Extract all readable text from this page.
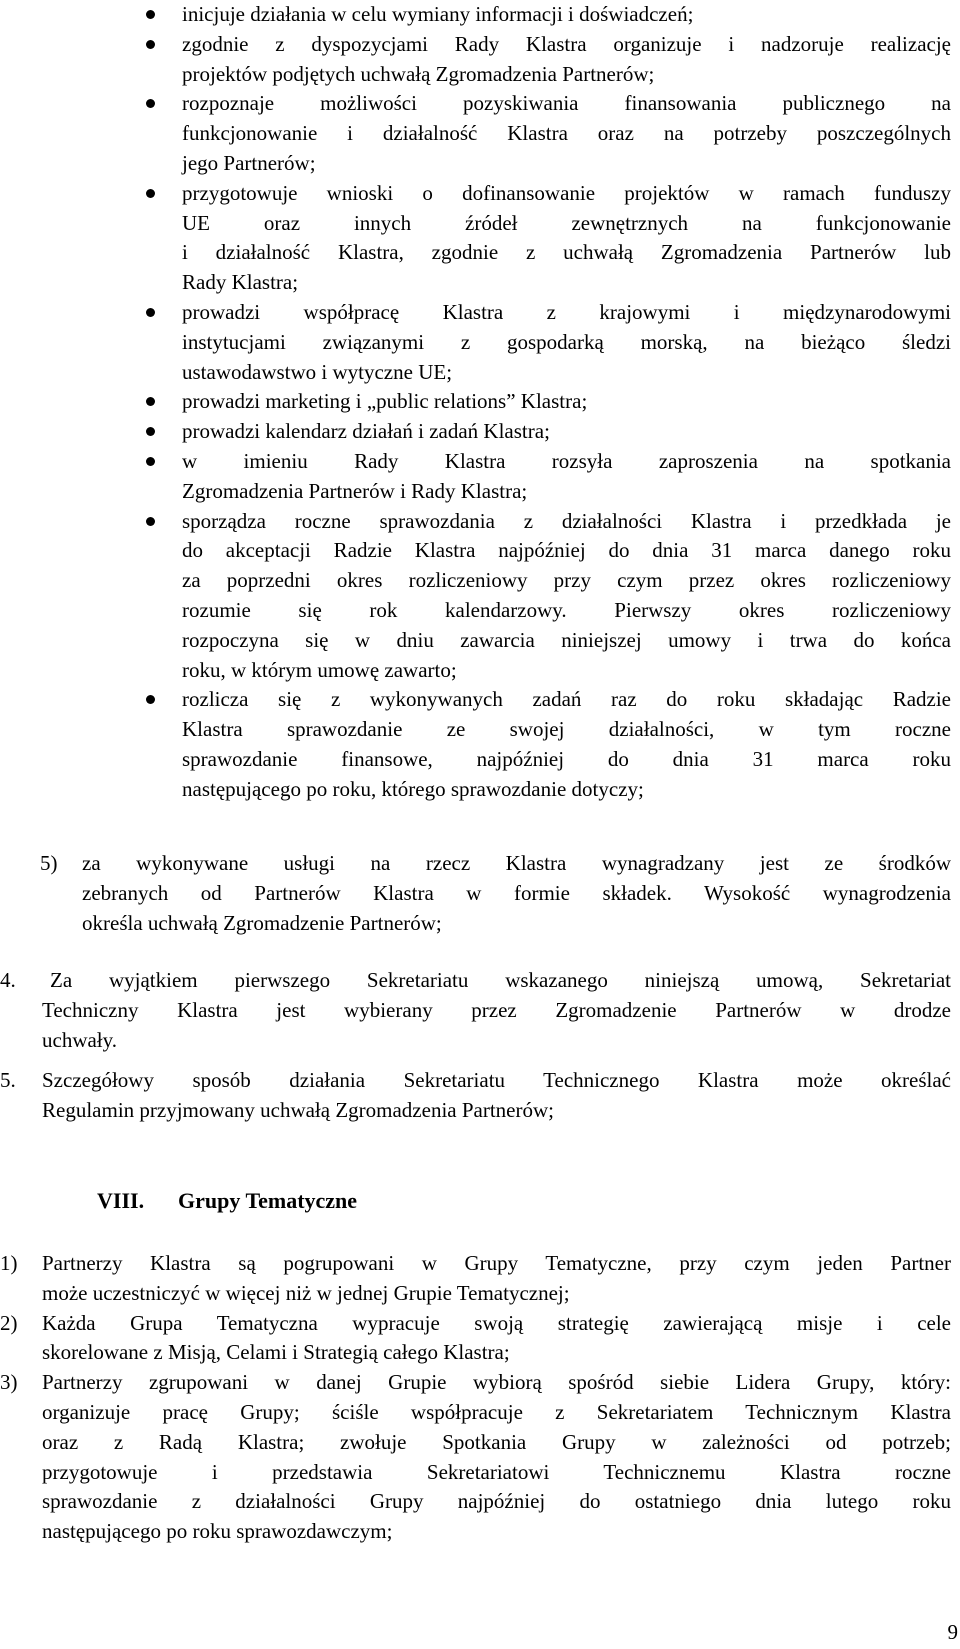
inicjuje działania w celu wymiany informacji i doświadczeń;
zgodnie z dyspozycjami Rady Klastra organizuje i nadzoruje realizację
projektów podjętych uchwałą Zgromadzenia Partnerów;
rozpoznaje możliwości pozyskiwania finansowania publicznego na
funkcjonowanie i działalność Klastra oraz na potrzeby poszczególnych
jego Partnerów;
przygotowuje wnioski o dofinansowanie projektów w ramach funduszy
UE oraz innych źródeł zewnętrznych na funkcjonowanie
i działalność Klastra, zgodnie z uchwałą Zgromadzenia Partnerów lub
Rady Klastra;
prowadzi współpracę Klastra z krajowymi i międzynarodowymi
instytucjami związanymi z gospodarką morską, na bieżąco śledzi
ustawodawstwo i wytyczne UE;
prowadzi marketing i „public relations” Klastra;
prowadzi kalendarz działań i zadań Klastra;
w imieniu Rady Klastra rozsyła zaproszenia na spotkania
Zgromadzenia Partnerów i Rady Klastra;
sporządza roczne sprawozdania z działalności Klastra i przedkłada je
do akceptacji Radzie Klastra najpóźniej do dnia 31 marca danego roku
za poprzedni okres rozliczeniowy przy czym przez okres rozliczeniowy
rozumie się rok kalendarzowy. Pierwszy okres rozliczeniowy
rozpoczyna się w dniu zawarcia niniejszej umowy i trwa do końca
roku, w którym umowę zawarto;
rozlicza się z wykonywanych zadań raz do roku składając Radzie
Klastra sprawozdanie ze swojej działalności, w tym roczne
sprawozdanie finansowe, najpóźniej do dnia 31 marca roku
następującego po roku, którego sprawozdanie dotyczy;
5) za wykonywane usługi na rzecz Klastra wynagradzany jest ze środków
zebranych od Partnerów Klastra w formie składek. Wysokość wynagrodzenia
określa uchwałą Zgromadzenie Partnerów;
4.	Za wyjątkiem pierwszego Sekretariatu wskazanego niniejszą umową, Sekretariat
Techniczny Klastra jest wybierany przez Zgromadzenie Partnerów w drodze
uchwały.
5. Szczegółowy sposób działania Sekretariatu Technicznego Klastra może określać
Regulamin przyjmowany uchwałą Zgromadzenia Partnerów;
VIII. Grupy Tematyczne
1) Partnerzy Klastra są pogrupowani w Grupy Tematyczne, przy czym jeden Partner
może uczestniczyć w więcej niż w jednej Grupie Tematycznej;
2) Każda Grupa Tematyczna wypracuje swoją strategię zawierającą misje i cele
skorelowane z Misją, Celami i Strategią całego Klastra;
3) Partnerzy zgrupowani w danej Grupie wybiorą spośród siebie Lidera Grupy, który:
organizuje pracę Grupy; ściśle współpracuje z Sekretariatem Technicznym Klastra
oraz z Radą Klastra; zwołuje Spotkania Grupy w zależności od potrzeb;
przygotowuje i przedstawia Sekretariatowi Technicznemu Klastra roczne
sprawozdanie z działalności Grupy najpóźniej do ostatniego dnia lutego roku
następującego po roku sprawozdawczym;
9
